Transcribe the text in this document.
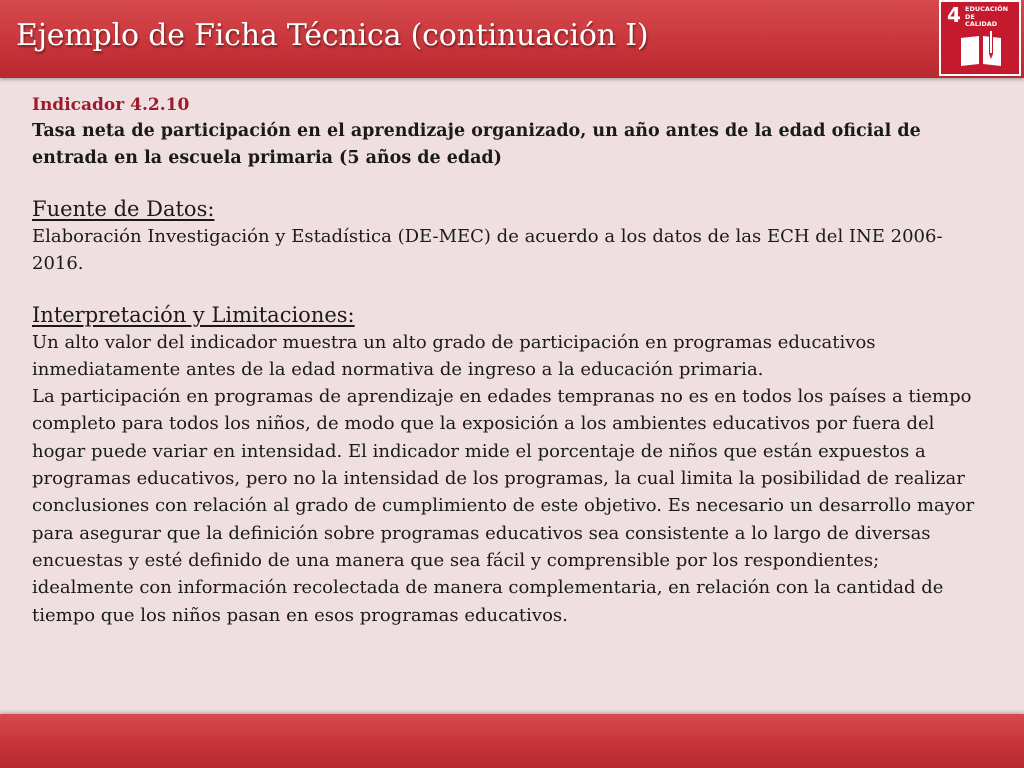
Ejemplo de Ficha Técnica (continuación I)
4 EDUCACIÓN DE
CALIDAD

Indicador 4.2.10

Tasa neta de participación en el aprendizaje organizado, un año antes de la edad oficial de entrada en la escuela primaria (5 años de edad)

Fuente de Datos:

Elaboración Investigación y Estadística (DE-MEC) de acuerdo a los datos de las ECH del INE 2006-2016.

Interpretación y Limitaciones:

Un alto valor del indicador muestra un alto grado de participación en programas educativos inmediatamente antes de la edad normativa de ingreso a la educación primaria.

La participación en programas de aprendizaje en edades tempranas no es en todos los países a tiempo completo para todos los niños, de modo que la exposición a los ambientes educativos por fuera del hogar puede variar en intensidad. El indicador mide el porcentaje de niños que están expuestos a programas educativos, pero no la intensidad de los programas, la cual limita la posibilidad de realizar conclusiones con relación al grado de cumplimiento de este objetivo. Es necesario un desarrollo mayor para asegurar que la definición sobre programas educativos sea consistente a lo largo de diversas encuestas y esté definido de una manera que sea fácil y comprensible por los respondientes; idealmente con información recolectada de manera complementaria, en relación con la cantidad de tiempo que los niños pasan en esos programas educativos.
